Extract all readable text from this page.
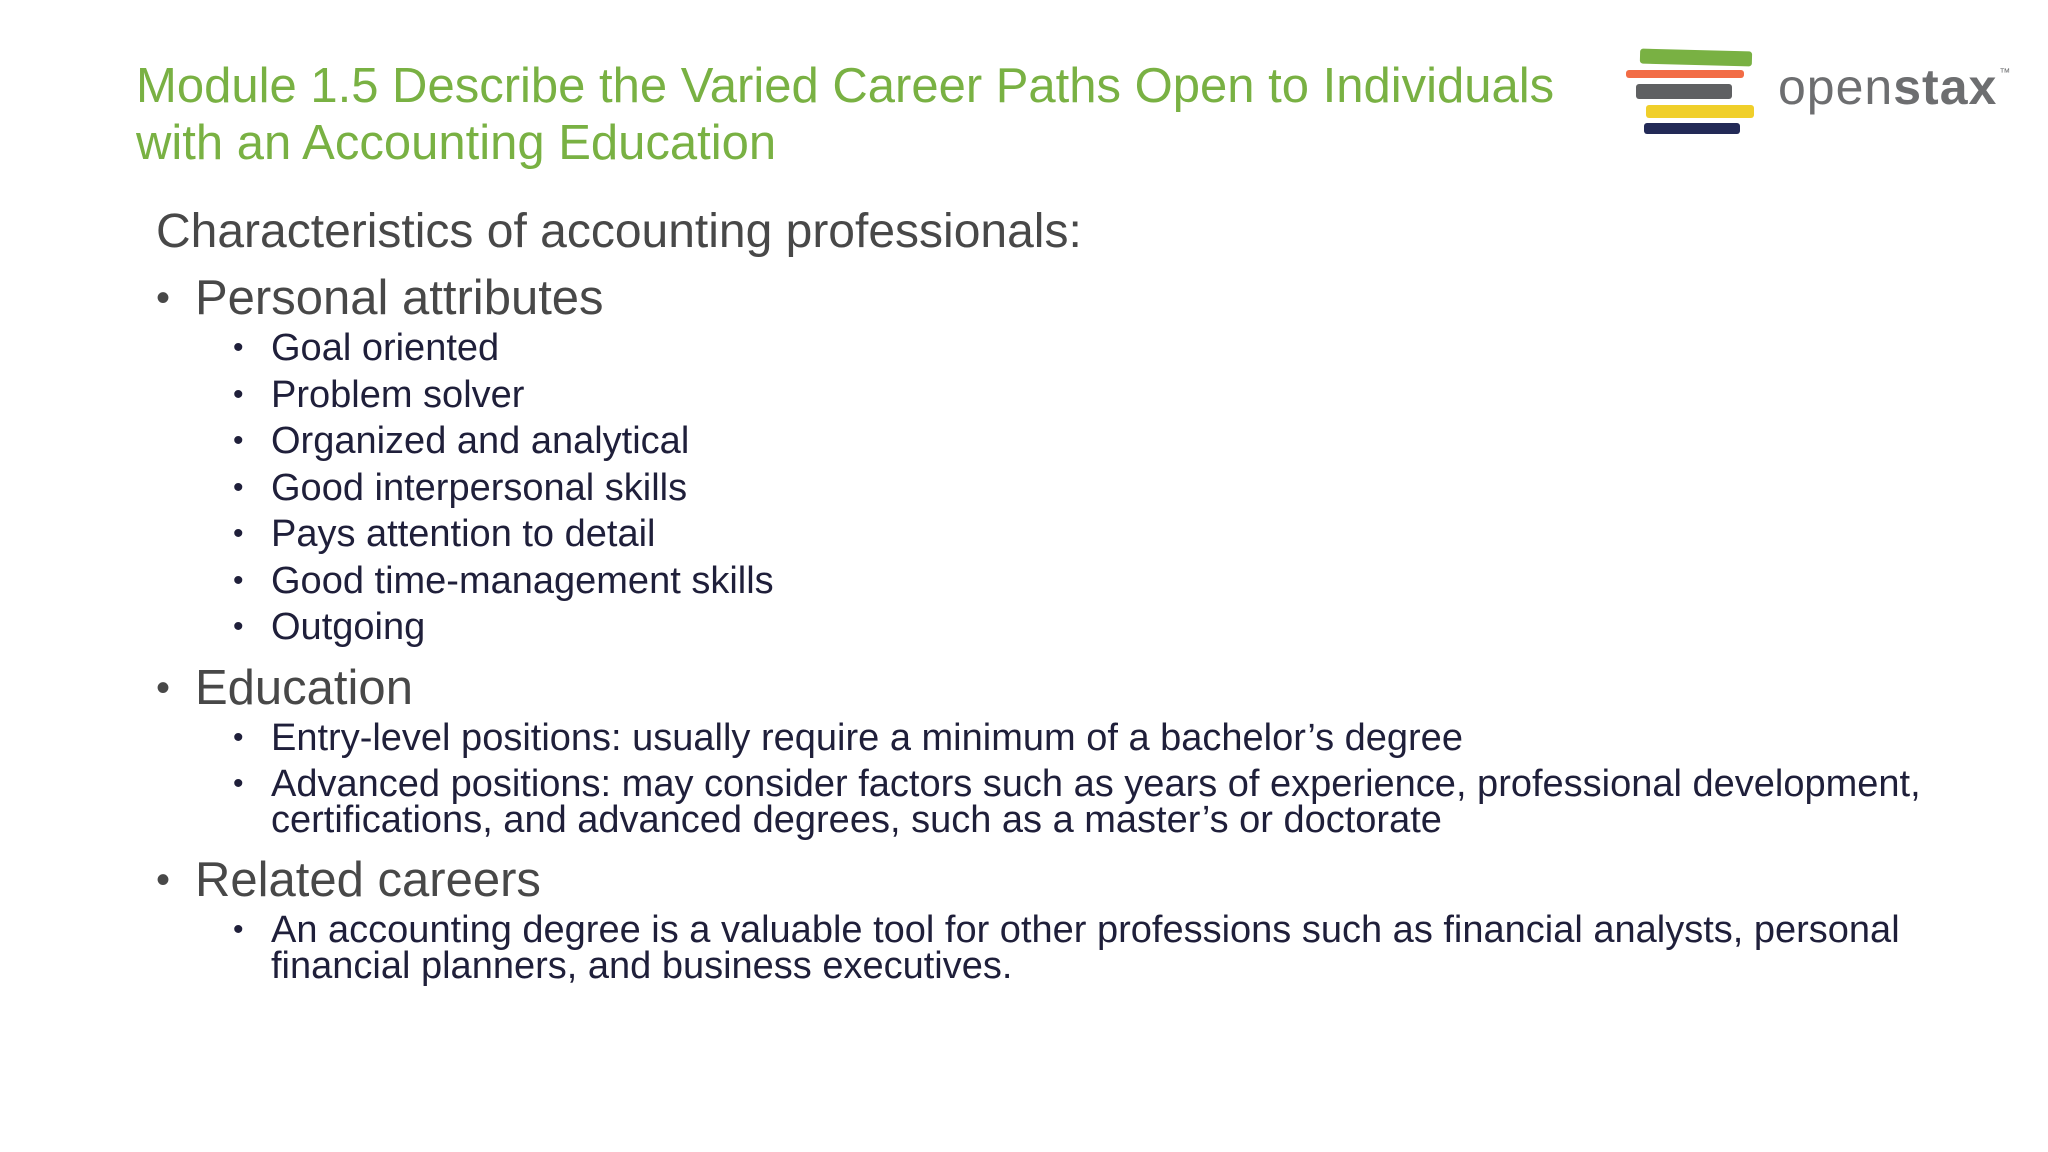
Module 1.5 Describe the Varied Career Paths Open to Individuals with an Accounting Education
openstax ™

Characteristics of accounting professionals:

• Personal attributes
• Goal oriented
• Problem solver
• Organized and analytical
• Good interpersonal skills
• Pays attention to detail
• Good time-management skills
• Outgoing
• Education
• Entry-level positions: usually require a minimum of a bachelor’s degree
• Advanced positions: may consider factors such as years of experience, professional development, certifications, and advanced degrees, such as a master’s or doctorate
• Related careers
• An accounting degree is a valuable tool for other professions such as financial analysts, personal financial planners, and business executives.
